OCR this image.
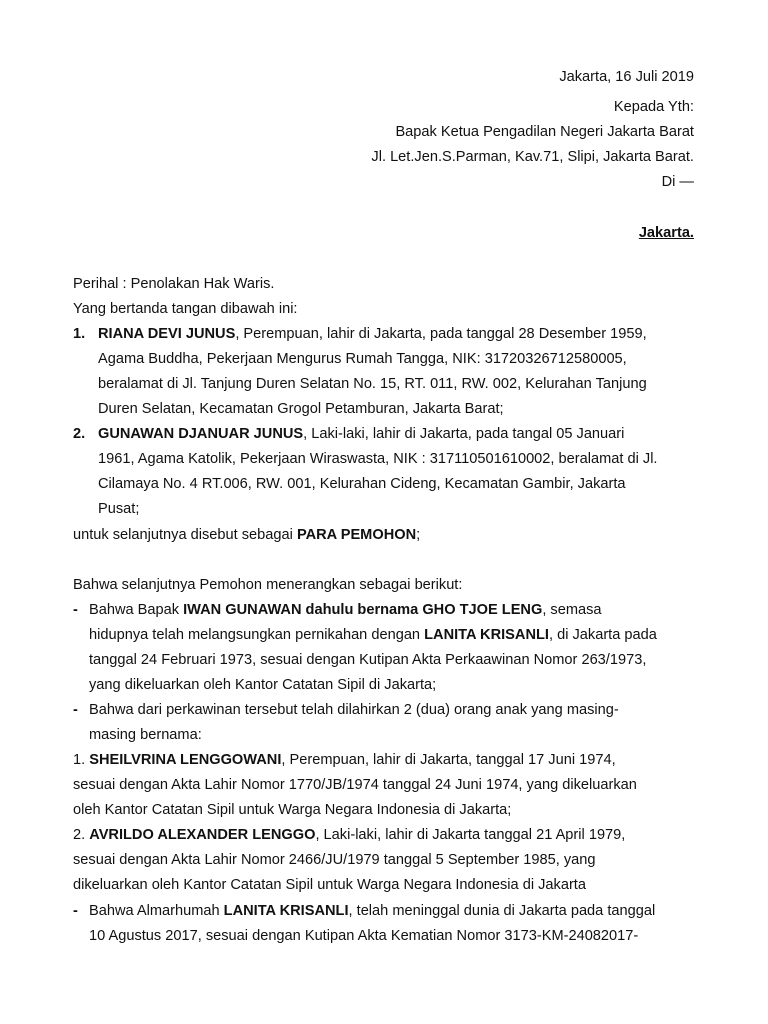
Jakarta, 16 Juli 2019
Kepada Yth:
Bapak Ketua Pengadilan Negeri Jakarta Barat
Jl. Let.Jen.S.Parman, Kav.71, Slipi, Jakarta Barat.
Di —
Jakarta.
Perihal : Penolakan Hak Waris.
Yang bertanda tangan dibawah ini:
1. RIANA DEVI JUNUS, Perempuan, lahir di Jakarta, pada tanggal 28 Desember 1959,
Agama Buddha, Pekerjaan Mengurus Rumah Tangga, NIK: 31720326712580005,
beralamat di Jl. Tanjung Duren Selatan No. 15, RT. 011, RW. 002, Kelurahan Tanjung
Duren Selatan, Kecamatan Grogol Petamburan, Jakarta Barat;
2. GUNAWAN DJANUAR JUNUS, Laki-laki, lahir di Jakarta, pada tangal 05 Januari
1961, Agama Katolik, Pekerjaan Wiraswasta, NIK : 317110501610002, beralamat di Jl.
Cilamaya No. 4 RT.006, RW. 001, Kelurahan Cideng, Kecamatan Gambir, Jakarta
Pusat;
untuk selanjutnya disebut sebagai PARA PEMOHON;
Bahwa selanjutnya Pemohon menerangkan sebagai berikut:
- Bahwa Bapak IWAN GUNAWAN dahulu bernama GHO TJOE LENG, semasa
hidupnya telah melangsungkan pernikahan dengan LANITA KRISANLI, di Jakarta pada
tanggal 24 Februari 1973, sesuai dengan Kutipan Akta Perkaawinan Nomor 263/1973,
yang dikeluarkan oleh Kantor Catatan Sipil di Jakarta;
- Bahwa dari perkawinan tersebut telah dilahirkan 2 (dua) orang anak yang masing-
masing bernama:
1. SHEILVRINA LENGGOWANI, Perempuan, lahir di Jakarta, tanggal 17 Juni 1974,
sesuai dengan Akta Lahir Nomor 1770/JB/1974 tanggal 24 Juni 1974, yang dikeluarkan
oleh Kantor Catatan Sipil untuk Warga Negara Indonesia di Jakarta;
2. AVRILDO ALEXANDER LENGGO, Laki-laki, lahir di Jakarta tanggal 21 April 1979,
sesuai dengan Akta Lahir Nomor 2466/JU/1979 tanggal 5 September 1985, yang
dikeluarkan oleh Kantor Catatan Sipil untuk Warga Negara Indonesia di Jakarta
- Bahwa Almarhumah LANITA KRISANLI, telah meninggal dunia di Jakarta pada tanggal
10 Agustus 2017, sesuai dengan Kutipan Akta Kematian Nomor 3173-KM-24082017-
